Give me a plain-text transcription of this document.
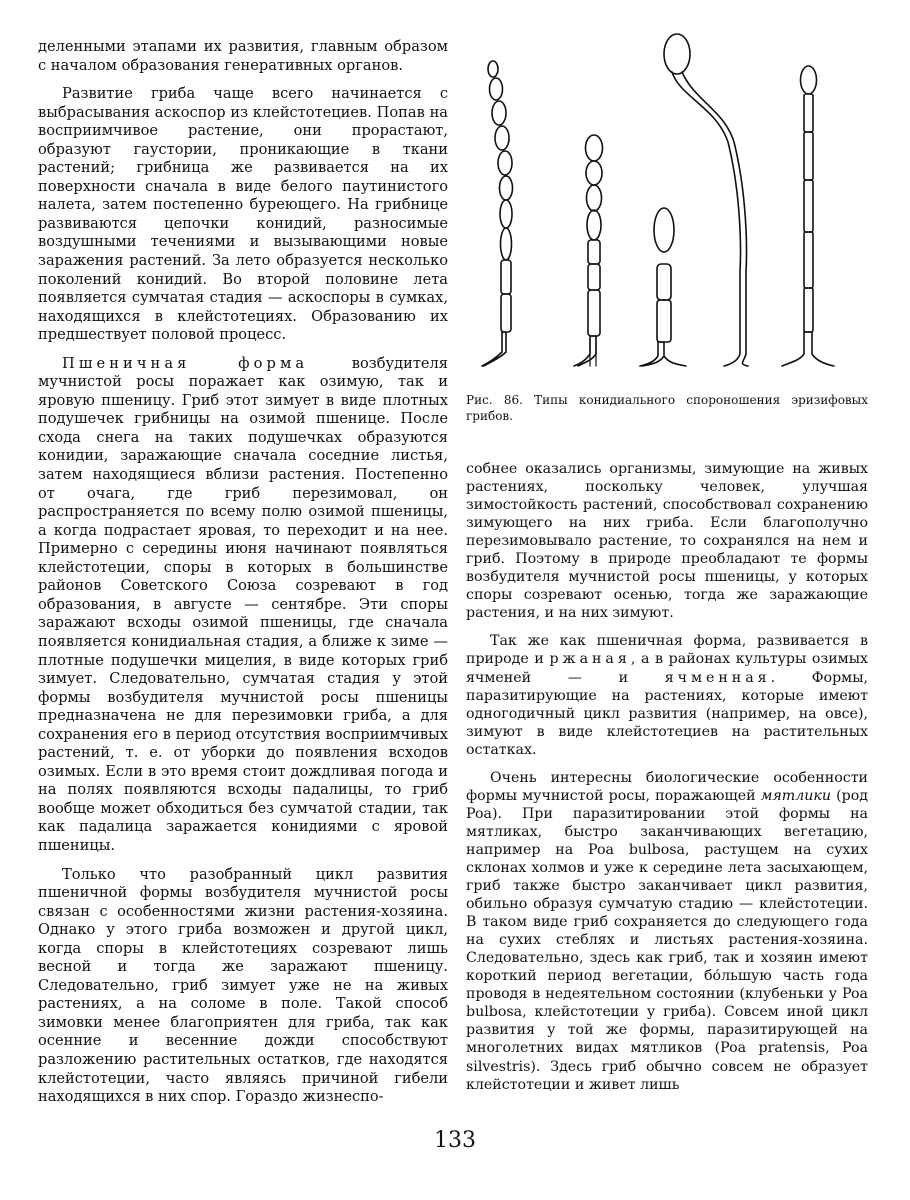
деленными этапами их развития, главным образом с началом образования генеративных органов.

Развитие гриба чаще всего начинается с выбрасывания аскоспор из клейстотециев. Попав на восприимчивое растение, они прорастают, образуют гаустории, проникающие в ткани растений; грибница же развивается на их поверхности сначала в виде белого паутинистого налета, затем постепенно буреющего. На грибнице развиваются цепочки конидий, разносимые воздушными течениями и вызывающими новые заражения растений. За лето образуется несколько поколений конидий. Во второй половине лета появляется сумчатая стадия — аскоспоры в сумках, находящихся в клейстотециях. Образованию их предшествует половой процесс.

Пшеничная форма возбудителя мучнистой росы поражает как озимую, так и яровую пшеницу. Гриб этот зимует в виде плотных подушечек грибницы на озимой пшенице. После схода снега на таких подушечках образуются конидии, заражающие сначала соседние листья, затем находящиеся вблизи растения. Постепенно от очага, где гриб перезимовал, он распространяется по всему полю озимой пшеницы, а когда подрастает яровая, то переходит и на нее. Примерно с середины июня начинают появляться клейстотеции, споры в которых в большинстве районов Советского Союза созревают в год образования, в августе — сентябре. Эти споры заражают всходы озимой пшеницы, где сначала появляется конидиальная стадия, а ближе к зиме — плотные подушечки мицелия, в виде которых гриб зимует. Следовательно, сумчатая стадия у этой формы возбудителя мучнистой росы пшеницы предназначена не для перезимовки гриба, а для сохранения его в период отсутствия восприимчивых растений, т. е. от уборки до появления всходов озимых. Если в это время стоит дождливая погода и на полях появляются всходы падалицы, то гриб вообще может обходиться без сумчатой стадии, так как падалица заражается конидиями с яровой пшеницы.

Только что разобранный цикл развития пшеничной формы возбудителя мучнистой росы связан с особенностями жизни растения-хозяина. Однако у этого гриба возможен и другой цикл, когда споры в клейстотециях созревают лишь весной и тогда же заражают пшеницу. Следовательно, гриб зимует уже не на живых растениях, а на соломе в поле. Такой способ зимовки менее благоприятен для гриба, так как осенние и весенние дожди способствуют разложению растительных остатков, где находятся клейстотеции, часто являясь причиной гибели находящихся в них спор. Гораздо жизнеспо-

Рис. 86. Типы конидиального спороношения эризифовых грибов.

собнее оказались организмы, зимующие на живых растениях, поскольку человек, улучшая зимостойкость растений, способствовал сохранению зимующего на них гриба. Если благополучно перезимовывало растение, то сохранялся на нем и гриб. Поэтому в природе преобладают те формы возбудителя мучнистой росы пшеницы, у которых споры созревают осенью, тогда же заражающие растения, и на них зимуют.

Так же как пшеничная форма, развивается в природе и ржаная, а в районах культуры озимых ячменей — и ячменная. Формы, паразитирующие на растениях, которые имеют одногодичный цикл развития (например, на овсе), зимуют в виде клейстотециев на растительных остатках.

Очень интересны биологические особенности формы мучнистой росы, поражающей мятлики (род Poa). При паразитировании этой формы на мятликах, быстро заканчивающих вегетацию, например на Poa bulbosa, растущем на сухих склонах холмов и уже к середине лета засыхающем, гриб также быстро заканчивает цикл развития, обильно образуя сумчатую стадию — клейстотеции. В таком виде гриб сохраняется до следующего года на сухих стеблях и листьях растения-хозяина. Следовательно, здесь как гриб, так и хозяин имеют короткий период вегетации, бо́льшую часть года проводя в недеятельном состоянии (клубеньки у Poa bulbosa, клейстотеции у гриба). Совсем иной цикл развития у той же формы, паразитирующей на многолетних видах мятликов (Poa pratensis, Poa silvestris). Здесь гриб обычно совсем не образует клейстотеции и живет лишь

133
